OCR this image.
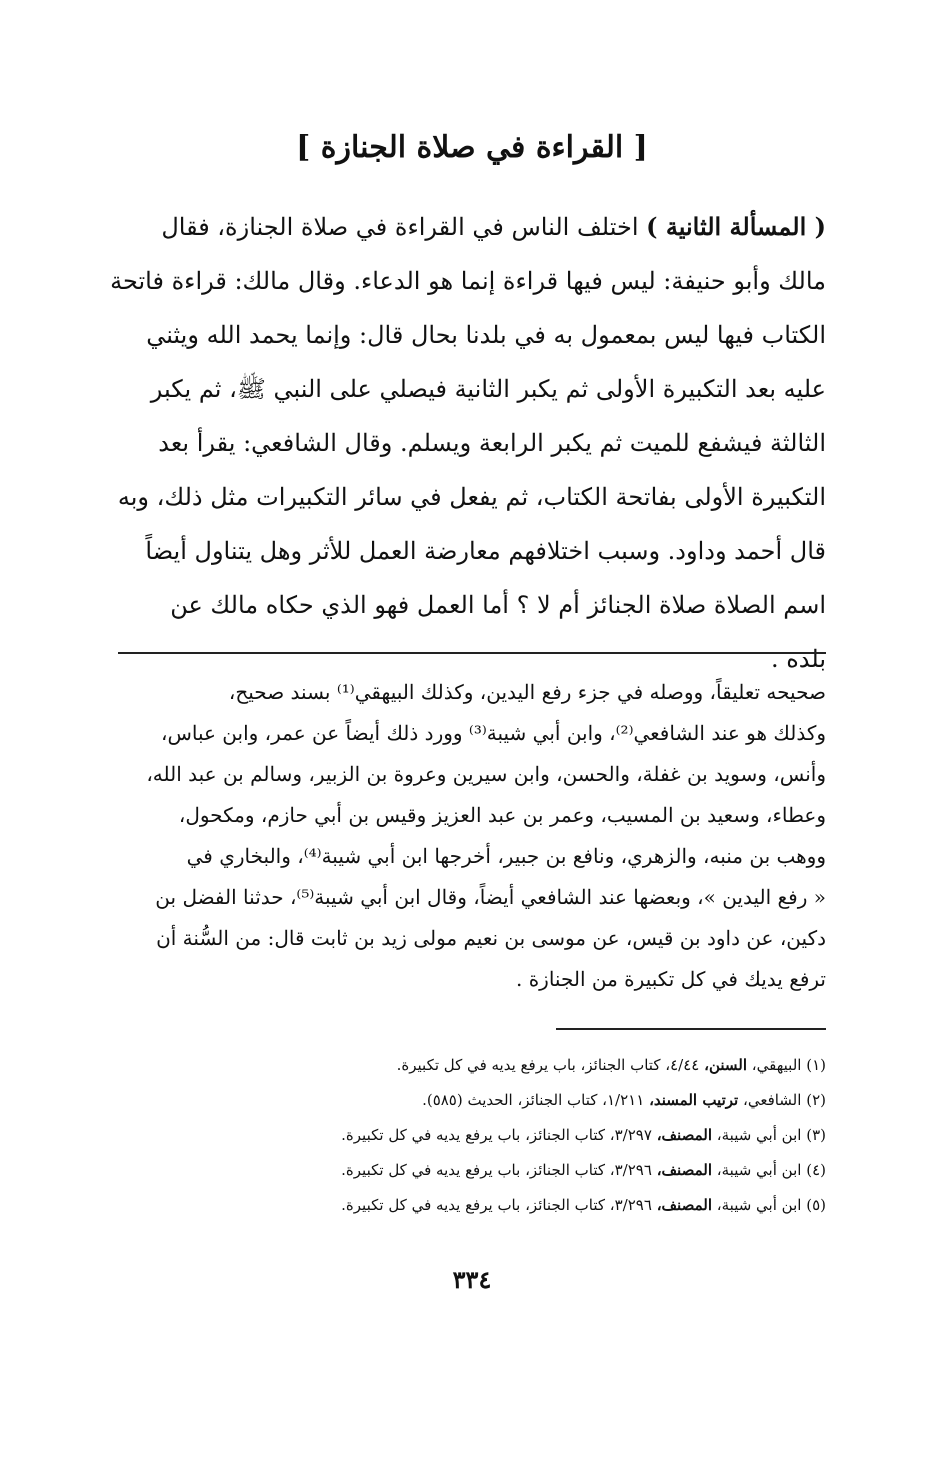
[ القراءة في صلاة الجنازة ]
( المسألة الثانية ) اختلف الناس في القراءة في صلاة الجنازة، فقال
مالك وأبو حنيفة: ليس فيها قراءة إنما هو الدعاء. وقال مالك: قراءة فاتحة
الكتاب فيها ليس بمعمول به في بلدنا بحال قال: وإنما يحمد الله ويثني
عليه بعد التكبيرة الأولى ثم يكبر الثانية فيصلي على النبي ﷺ، ثم يكبر
الثالثة فيشفع للميت ثم يكبر الرابعة ويسلم. وقال الشافعي: يقرأ بعد
التكبيرة الأولى بفاتحة الكتاب، ثم يفعل في سائر التكبيرات مثل ذلك، وبه
قال أحمد وداود. وسبب اختلافهم معارضة العمل للأثر وهل يتناول أيضاً
اسم الصلاة صلاة الجنائز أم لا ؟ أما العمل فهو الذي حكاه مالك عن
بلده .
صحيحه تعليقاً، ووصله في جزء رفع اليدين، وكذلك البيهقي⁽¹⁾ بسند صحيح،
وكذلك هو عند الشافعي⁽²⁾، وابن أبي شيبة⁽³⁾ وورد ذلك أيضاً عن عمر، وابن عباس،
وأنس، وسويد بن غفلة، والحسن، وابن سيرين وعروة بن الزبير، وسالم بن عبد الله،
وعطاء، وسعيد بن المسيب، وعمر بن عبد العزيز وقيس بن أبي حازم، ومكحول،
ووهب بن منبه، والزهري، ونافع بن جبير، أخرجها ابن أبي شيبة⁽⁴⁾، والبخاري في
« رفع اليدين »، وبعضها عند الشافعي أيضاً، وقال ابن أبي شيبة⁽⁵⁾، حدثنا الفضل بن
دكين، عن داود بن قيس، عن موسى بن نعيم مولى زيد بن ثابت قال: من السُّنة أن
ترفع يديك في كل تكبيرة من الجنازة .
(١) البيهقي، السنن، ٤/٤٤، كتاب الجنائز، باب يرفع يديه في كل تكبيرة.
(٢) الشافعي، ترتيب المسند، ١/٢١١، كتاب الجنائز، الحديث (٥٨٥).
(٣) ابن أبي شيبة، المصنف، ٣/٢٩٧، كتاب الجنائز، باب يرفع يديه في كل تكبيرة.
(٤) ابن أبي شيبة، المصنف، ٣/٢٩٦، كتاب الجنائز، باب يرفع يديه في كل تكبيرة.
(٥) ابن أبي شيبة، المصنف، ٣/٢٩٦، كتاب الجنائز، باب يرفع يديه في كل تكبيرة.
٣٣٤
